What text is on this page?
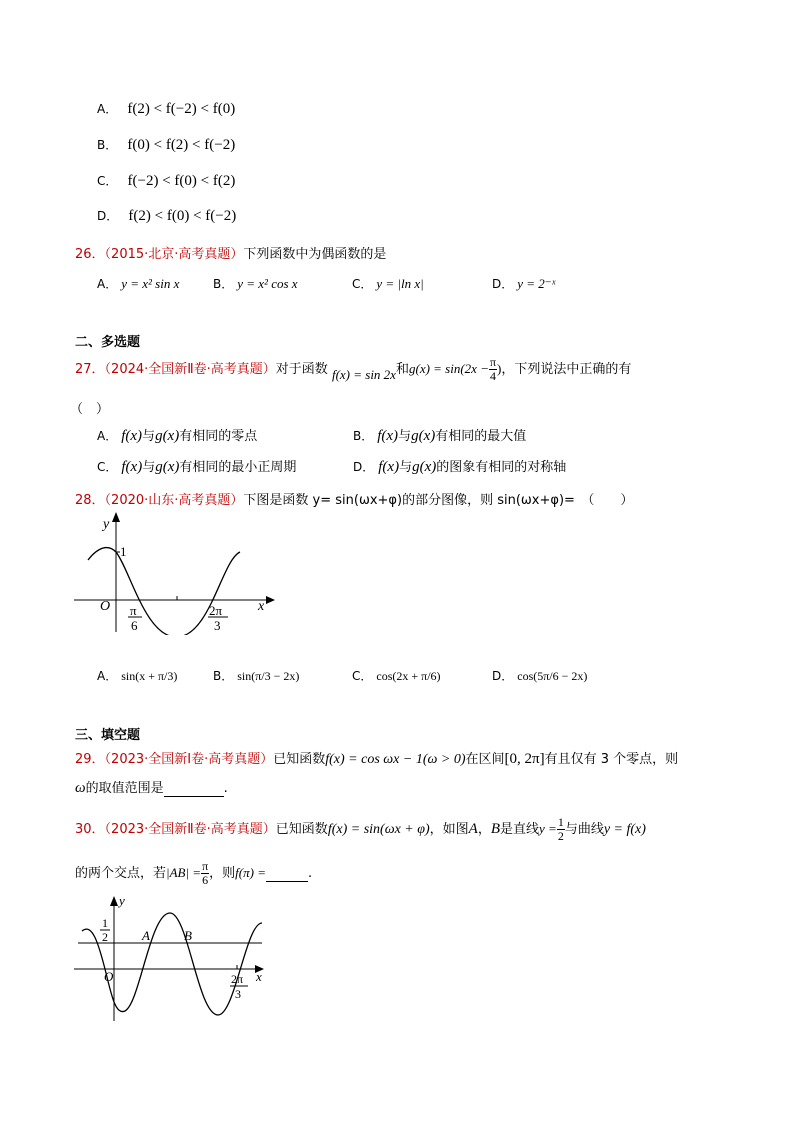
A． f(2) < f(−2) < f(0)
B． f(0) < f(2) < f(−2)
C． f(−2) < f(0) < f(2)
D． f(2) < f(0) < f(−2)
26．（2015·北京·高考真题）下列函数中为偶函数的是
A． y = x² sin x	B． y = x² cos x	C． y = |ln x|	D． y = 2⁻ˣ
二、多选题
27．（2024·全国新Ⅱ卷·高考真题）对于函数 f(x) = sin 2x和$g(x) = \sin(2x - \frac{\pi}{4}$ )，下列说法中正确的有
（　）
A． f(x)与g(x)有相同的零点	B． f(x)与g(x)有相同的最大值
C． f(x)与g(x)有相同的最小正周期	D． f(x)与g(x)的图象有相同的对称轴
28．（2020·山东·高考真题）下图是函数 y= sin(ωx+φ)的部分图像，则 sin(ωx+φ)=　（　　）
y
1
O	x
π
6
2π
3
A． sin(x + π/3)	B． sin(π/3 − 2x)	C． cos(2x + π/6)	D． cos(5π/6 − 2x)
三、填空题
29．（2023·全国新Ⅰ卷·高考真题）已知函数f(x) = cos ωx − 1(ω > 0)在区间[0, 2π]有且仅有 3 个零点，则
ω的取值范围是	.
30．（2023·全国新Ⅱ卷·高考真题）已知函数f(x) = sin(ωx + φ)，如图A，B是直线$y = \frac{1}{2}$ 与曲线y = f(x)
的两个交点，若$|AB| = \frac{\pi}{6}$ ，则f(π) =	.
y
1
2	A	B
O	x
2π
3
